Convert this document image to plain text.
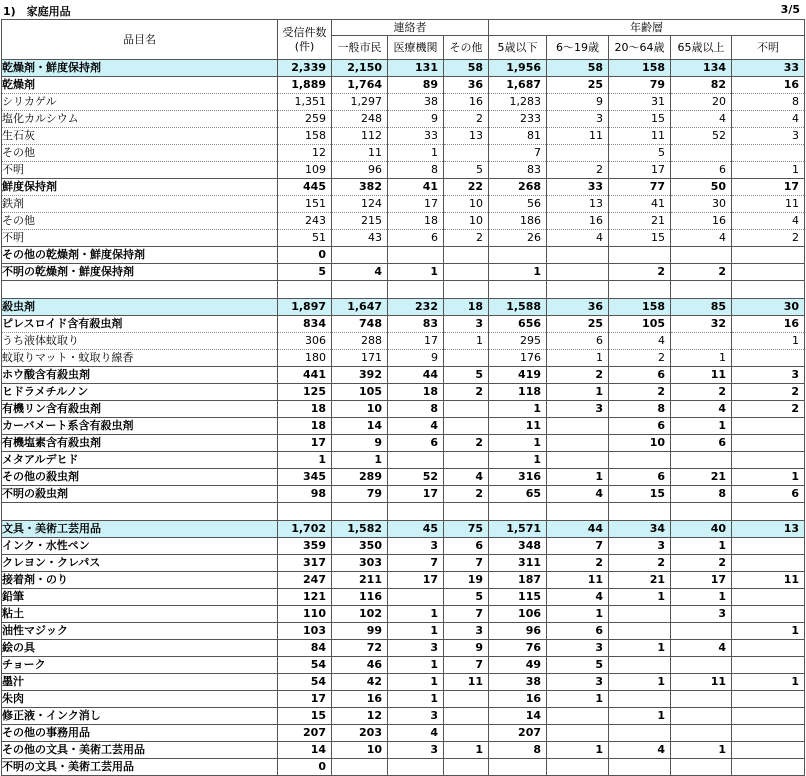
1)　家庭用品	3/5
品目名	受信件数
(件)	連絡者			年齢層				
		一般市民	医療機関	その他	5歳以下	6～19歳	20～64歳	65歳以上	不明
乾燥剤・鮮度保持剤	2,339	2,150	131	58	1,956	58	158	134	33
乾燥剤	1,889	1,764	89	36	1,687	25	79	82	16
シリカゲル	1,351	1,297	38	16	1,283	9	31	20	8
塩化カルシウム	259	248	9	2	233	3	15	4	4
生石灰	158	112	33	13	81	11	11	52	3
その他	12	11	1		7		5		
不明	109	96	8	5	83	2	17	6	1
鮮度保持剤	445	382	41	22	268	33	77	50	17
鉄剤	151	124	17	10	56	13	41	30	11
その他	243	215	18	10	186	16	21	16	4
不明	51	43	6	2	26	4	15	4	2
その他の乾燥剤・鮮度保持剤	0								
不明の乾燥剤・鮮度保持剤	5	4	1		1		2	2	

殺虫剤	1,897	1,647	232	18	1,588	36	158	85	30
ピレスロイド含有殺虫剤	834	748	83	3	656	25	105	32	16
うち液体蚊取り	306	288	17	1	295	6	4		1
蚊取りマット・蚊取り線香	180	171	9		176	1	2	1	
ホウ酸含有殺虫剤	441	392	44	5	419	2	6	11	3
ヒドラメチルノン	125	105	18	2	118	1	2	2	2
有機リン含有殺虫剤	18	10	8		1	3	8	4	2
カーバメート系含有殺虫剤	18	14	4		11		6	1	
有機塩素含有殺虫剤	17	9	6	2	1		10	6	
メタアルデヒド	1	1			1				
その他の殺虫剤	345	289	52	4	316	1	6	21	1
不明の殺虫剤	98	79	17	2	65	4	15	8	6

文具・美術工芸用品	1,702	1,582	45	75	1,571	44	34	40	13
インク・水性ペン	359	350	3	6	348	7	3	1	
クレヨン・クレパス	317	303	7	7	311	2	2	2	
接着剤・のり	247	211	17	19	187	11	21	17	11
鉛筆	121	116		5	115	4	1	1	
粘土	110	102	1	7	106	1		3	
油性マジック	103	99	1	3	96	6			1
絵の具	84	72	3	9	76	3	1	4	
チョーク	54	46	1	7	49	5			
墨汁	54	42	1	11	38	3	1	11	1
朱肉	17	16	1		16	1			
修正液・インク消し	15	12	3		14		1		
その他の事務用品	207	203	4		207				
その他の文具・美術工芸用品	14	10	3	1	8	1	4	1	
不明の文具・美術工芸用品	0								
